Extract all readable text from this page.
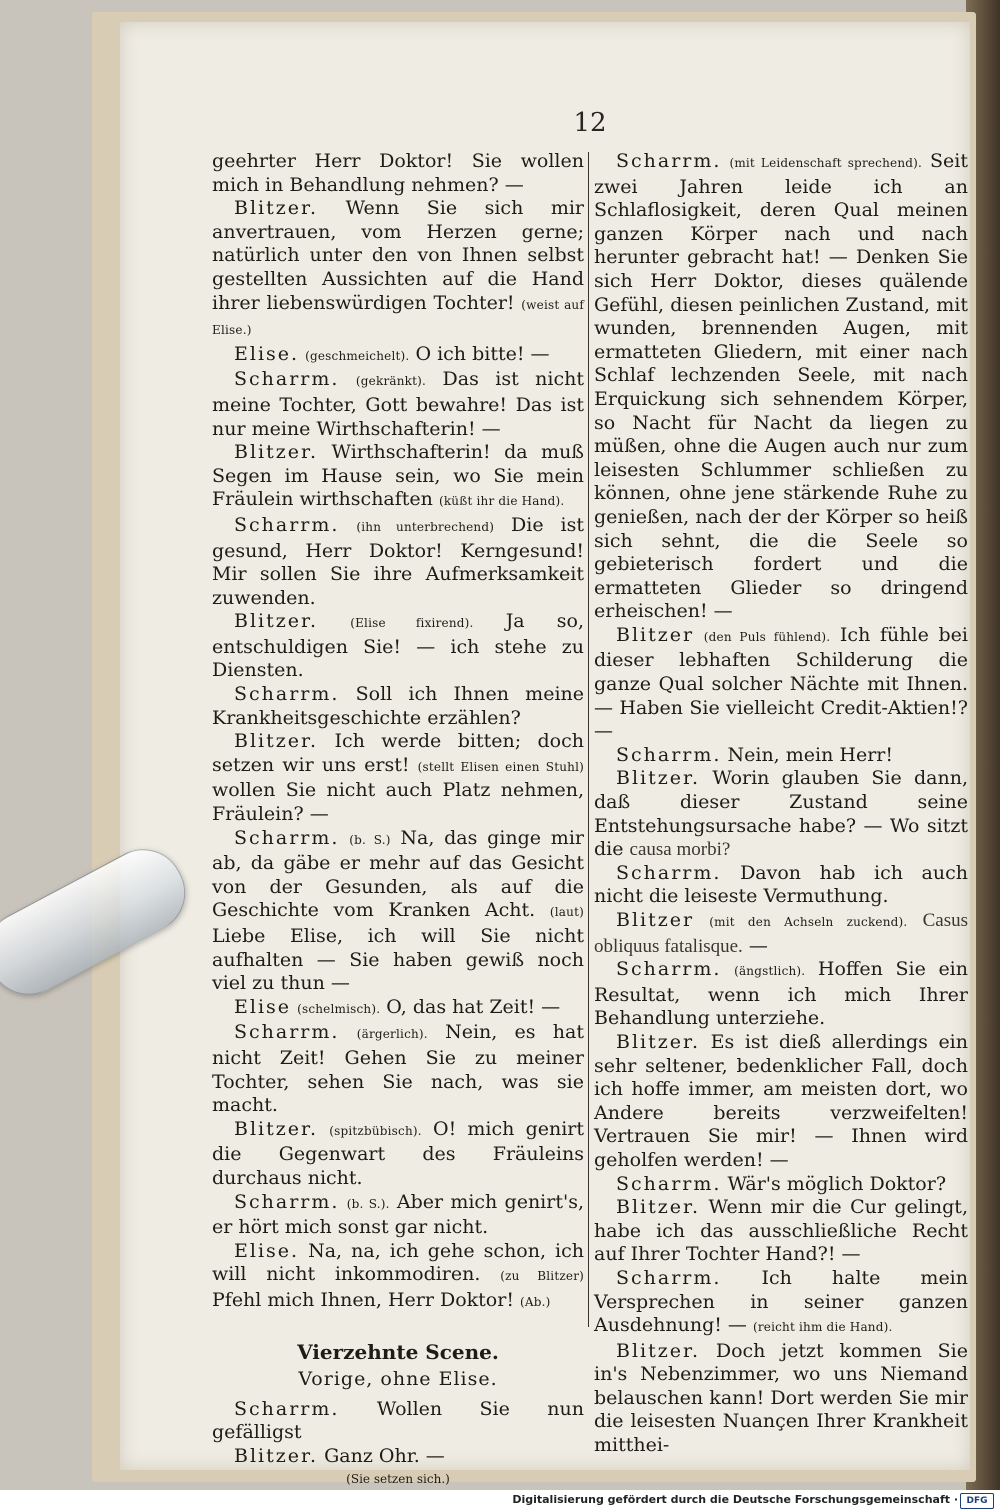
12

geehrter Herr Doktor! Sie wollen mich in Behandlung nehmen? —

Blitzer. Wenn Sie sich mir anvertrauen, vom Herzen gerne; natürlich unter den von Ihnen selbst gestellten Aussichten auf die Hand ihrer liebenswürdigen Tochter! (weist auf Elise.)

Elise. (geschmeichelt). O ich bitte! —

Scharrm. (gekränkt). Das ist nicht meine Tochter, Gott bewahre! Das ist nur meine Wirthschafterin! —

Blitzer. Wirthschafterin! da muß Segen im Hause sein, wo Sie mein Fräulein wirthschaften (küßt ihr die Hand).

Scharrm. (ihn unterbrechend) Die ist gesund, Herr Doktor! Kerngesund! Mir sollen Sie ihre Aufmerksamkeit zuwenden.

Blitzer.	(Elise fixirend). Ja so, entschuldigen Sie! — ich stehe zu Diensten.

Scharrm. Soll ich Ihnen meine Krankheitsgeschichte erzählen?

Blitzer. Ich werde bitten; doch setzen wir uns erst! (stellt Elisen einen Stuhl) wollen Sie nicht auch Platz nehmen, Fräulein? —

Scharrm. (b. S.) Na, das ginge mir ab, da gäbe er mehr auf das Gesicht von der Gesunden, als auf die Geschichte vom Kranken Acht. (laut) Liebe Elise, ich will Sie nicht aufhalten — Sie haben gewiß noch viel zu thun —

Elise (schelmisch). O, das hat Zeit! —

Scharrm. (ärgerlich). Nein, es hat nicht Zeit! Gehen Sie zu meiner Tochter, sehen Sie nach, was sie macht.

Blitzer. (spitzbübisch). O! mich genirt die Gegenwart des Fräuleins durchaus nicht.

Scharrm. (b. S.). Aber mich genirt's, er hört mich sonst gar nicht.

Elise. Na, na, ich gehe schon, ich will nicht inkommodiren. (zu Blitzer) Pfehl mich Ihnen, Herr Doktor! (Ab.)

Vierzehnte Scene.

Vorige, ohne Elise.

Scharrm. Wollen Sie nun gefälligst

Blitzer. Ganz Ohr. —

(Sie setzen sich.)

Scharrm. (mit Leidenschaft sprechend). Seit zwei Jahren leide ich an Schlaflosigkeit, deren Qual meinen ganzen Körper nach und nach herunter gebracht hat! — Denken Sie sich Herr Doktor, dieses quälende Gefühl, diesen peinlichen Zustand, mit wunden, brennenden Augen, mit ermatteten Gliedern, mit einer nach Schlaf lechzenden Seele, mit nach Erquickung sich sehnendem Körper, so Nacht für Nacht da liegen zu müßen, ohne die Augen auch nur zum leisesten Schlummer schließen zu können, ohne jene stärkende Ruhe zu genießen, nach der der Körper so heiß sich sehnt, die die Seele so gebieterisch fordert und die ermatteten Glieder so dringend erheischen! —

Blitzer (den Puls fühlend). Ich fühle bei dieser lebhaften Schilderung die ganze Qual solcher Nächte mit Ihnen. — Haben Sie vielleicht Credit-Aktien!? —

Scharrm. Nein, mein Herr!

Blitzer. Worin glauben Sie dann, daß dieser Zustand seine Entstehungsursache habe? — Wo sitzt die causa morbi?

Scharrm. Davon hab ich auch nicht die leiseste Vermuthung.

Blitzer (mit den Achseln zuckend). Casus obliquus fatalisque. —

Scharrm. (ängstlich). Hoffen Sie ein Resultat, wenn ich mich Ihrer Behandlung unterziehe.

Blitzer. Es ist dieß allerdings ein sehr seltener, bedenklicher Fall, doch ich hoffe immer, am meisten dort, wo Andere bereits verzweifelten! Vertrauen Sie mir! — Ihnen wird geholfen werden! —

Scharrm. Wär's möglich Doktor?

Blitzer. Wenn mir die Cur gelingt, habe ich das ausschließliche Recht auf Ihrer Tochter Hand?! —

Scharrm. Ich halte mein Versprechen in seiner ganzen Ausdehnung! — (reicht ihm die Hand).

Blitzer. Doch jetzt kommen Sie in's Nebenzimmer, wo uns Niemand belauschen kann! Dort werden Sie mir die leisesten Nuançen Ihrer Krankheit mitthei-

Digitalisierung gefördert durch die Deutsche Forschungsgemeinschaft · DFG
